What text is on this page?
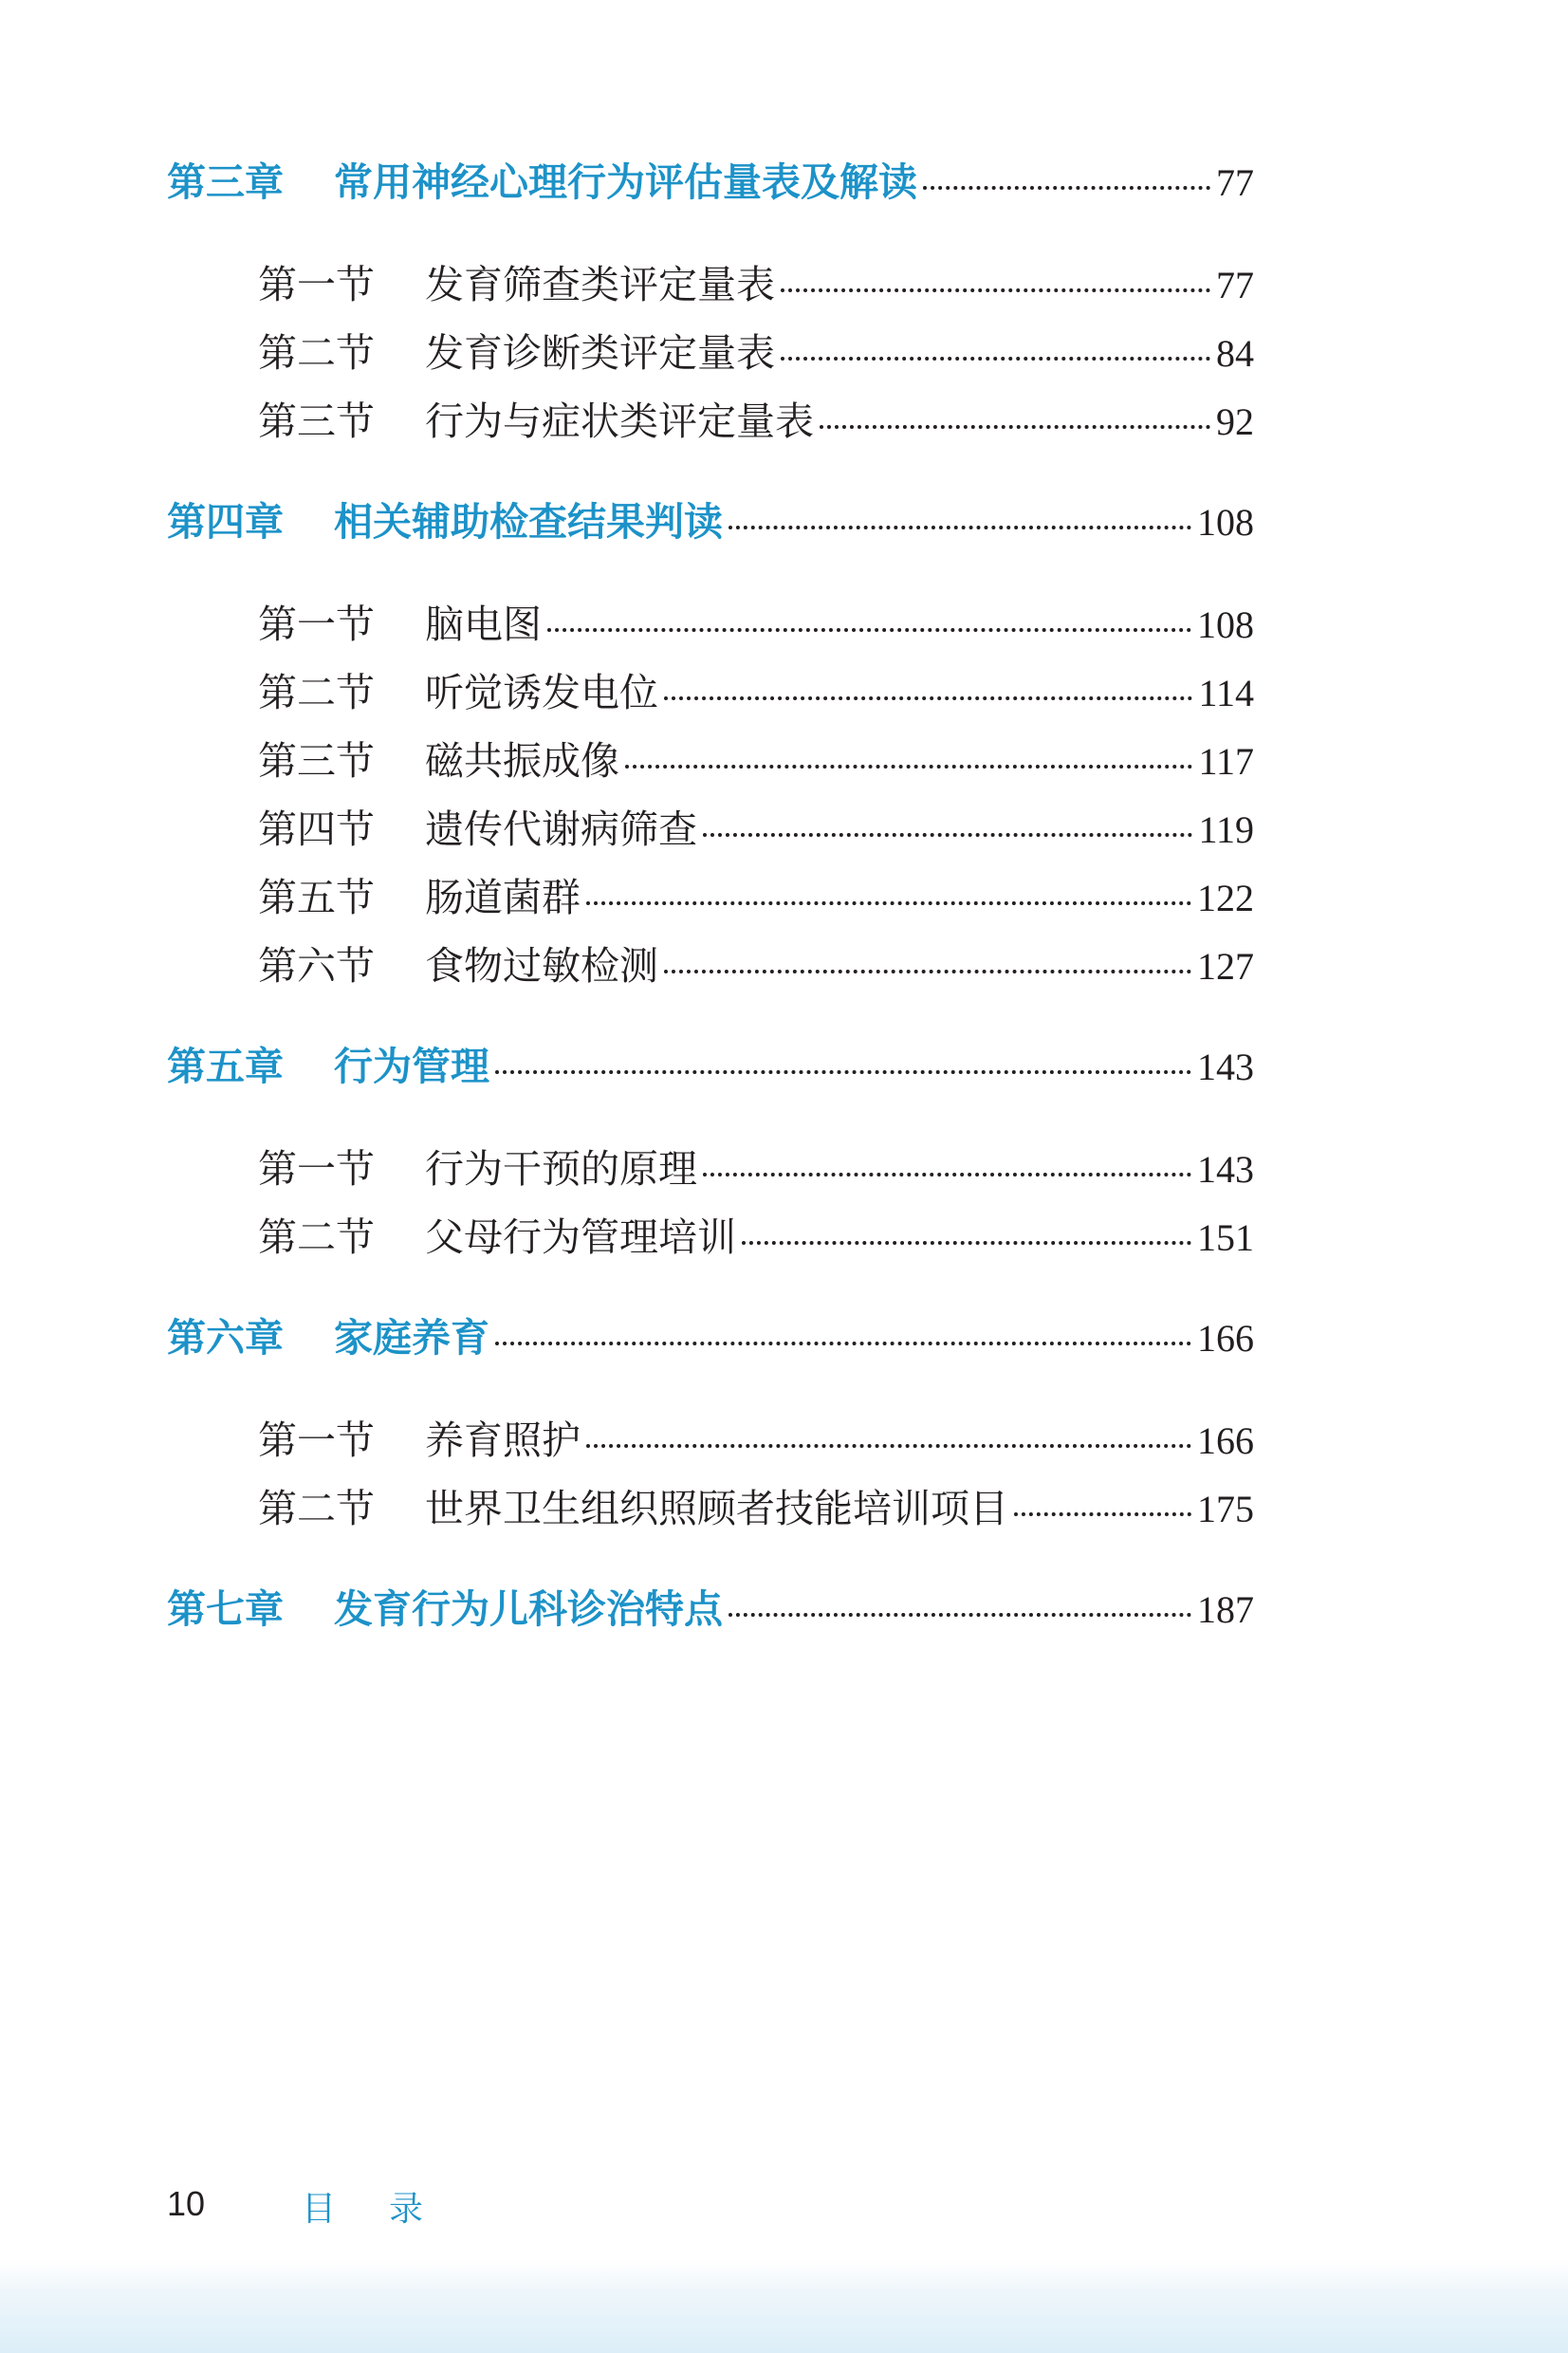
第三章	常用神经心理行为评估量表及解读	77
第一节	发育筛查类评定量表	77
第二节	发育诊断类评定量表	84
第三节	行为与症状类评定量表	92
第四章	相关辅助检查结果判读	108
第一节	脑电图	108
第二节	听觉诱发电位	114
第三节	磁共振成像	117
第四节	遗传代谢病筛查	119
第五节	肠道菌群	122
第六节	食物过敏检测	127
第五章	行为管理	143
第一节	行为干预的原理	143
第二节	父母行为管理培训	151
第六章	家庭养育	166
第一节	养育照护	166
第二节	世界卫生组织照顾者技能培训项目	175
第七章	发育行为儿科诊治特点	187
10	目录
